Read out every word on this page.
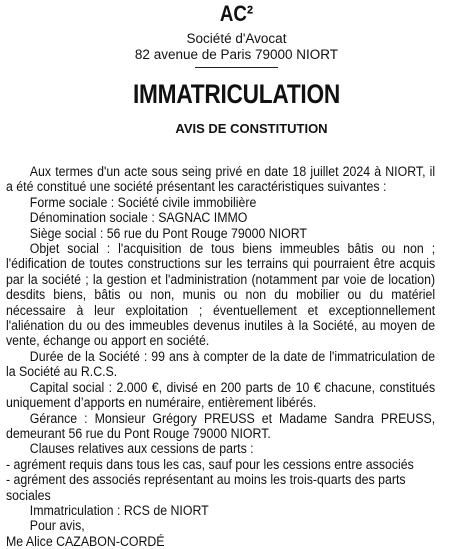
AC²
Société d'Avocat
82 avenue de Paris 79000 NIORT
IMMATRICULATION
AVIS DE CONSTITUTION

Aux termes d'un acte sous seing privé en date 18 juillet 2024 à NIORT, il a été constitué une société présentant les caractéristiques suivantes :

Forme sociale : Société civile immobilière
Dénomination sociale : SAGNAC IMMO
Siège social : 56 rue du Pont Rouge 79000 NIORT

Objet social : l'acquisition de tous biens immeubles bâtis ou non ; l'édification de toutes constructions sur les terrains qui pourraient être acquis par la société ; la gestion et l'administration (notamment par voie de location) desdits biens, bâtis ou non, munis ou non du mobilier ou du matériel nécessaire à leur exploitation ; éventuellement et exceptionnellement l'aliénation du ou des immeubles devenus inutiles à la Société, au moyen de vente, échange ou apport en société.

Durée de la Société : 99 ans à compter de la date de l'immatriculation de la Société au R.C.S.

Capital social : 2.000 €, divisé en 200 parts de 10 € chacune, constitués uniquement d’apports en numéraire, entièrement libérés.

Gérance : Monsieur Grégory PREUSS et Madame Sandra PREUSS, demeurant 56 rue du Pont Rouge 79000 NIORT.

Clauses relatives aux cessions de parts :
- agrément requis dans tous les cas, sauf pour les cessions entre associés
- agrément des associés représentant au moins les trois-quarts des parts sociales
Immatriculation : RCS de NIORT
Pour avis,
Me Alice CAZABON-CORDÉ
